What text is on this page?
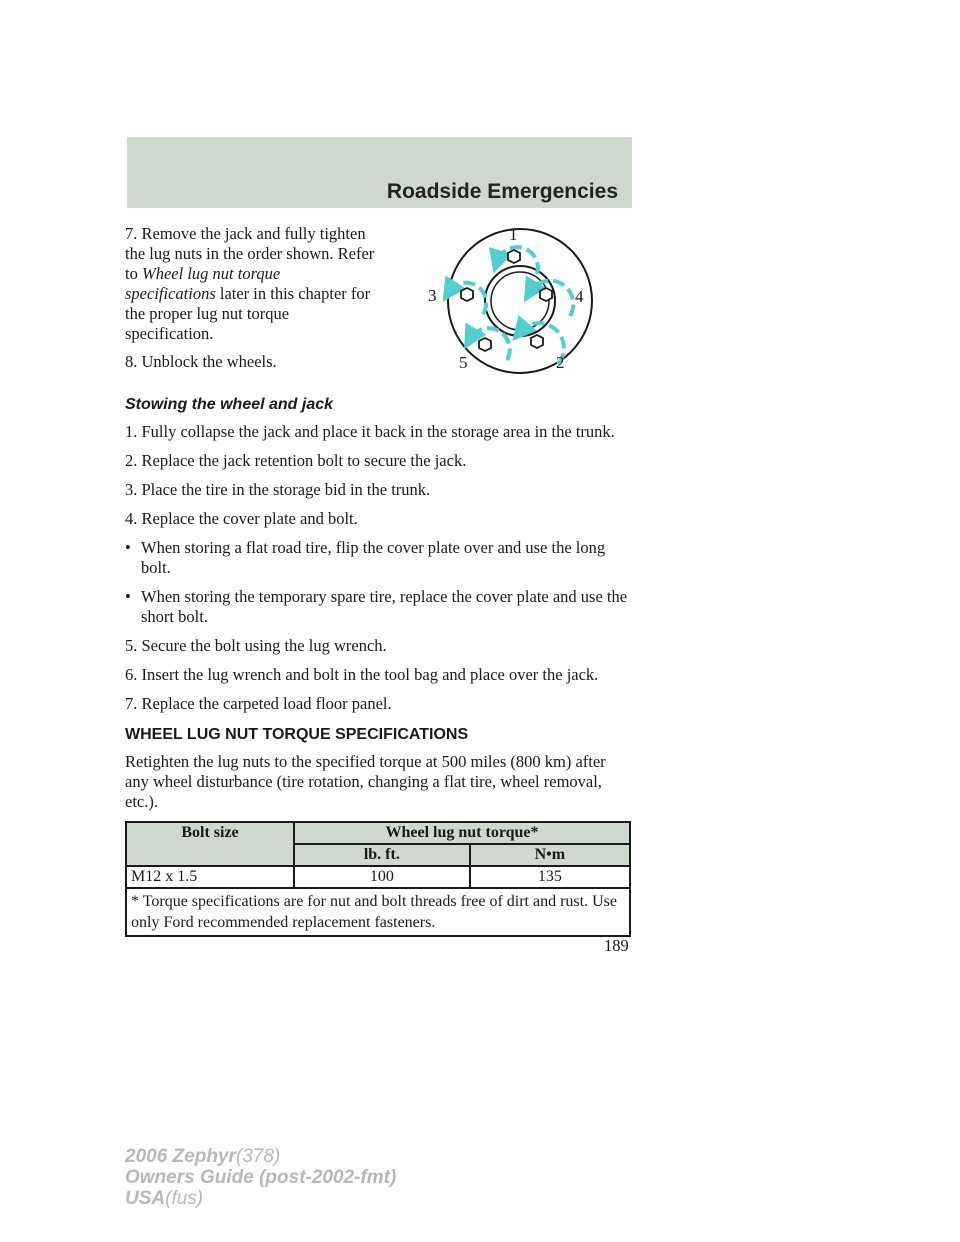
Roadside Emergencies

7. Remove the jack and fully tighten the lug nuts in the order shown. Refer to Wheel lug nut torque specifications later in this chapter for the proper lug nut torque specification.

8. Unblock the wheels.

1
3	4
5	2
Stowing the wheel and jack

1. Fully collapse the jack and place it back in the storage area in the trunk.

2. Replace the jack retention bolt to secure the jack.

3. Place the tire in the storage bid in the trunk.

4. Replace the cover plate and bolt.

• When storing a flat road tire, flip the cover plate over and use the long bolt.
• When storing the temporary spare tire, replace the cover plate and use the short bolt.

5. Secure the bolt using the lug wrench.

6. Insert the lug wrench and bolt in the tool bag and place over the jack.

7. Replace the carpeted load floor panel.

WHEEL LUG NUT TORQUE SPECIFICATIONS

Retighten the lug nuts to the specified torque at 500 miles (800 km) after any wheel disturbance (tire rotation, changing a flat tire, wheel removal, etc.).

Bolt size	Wheel lug nut torque*	
	lb. ft.	N•m
M12 x 1.5	100	135
* Torque specifications are for nut and bolt threads free of dirt and rust. Use only Ford recommended replacement fasteners.		
189
2006 Zephyr(378)
Owners Guide (post-2002-fmt)
USA(fus)
